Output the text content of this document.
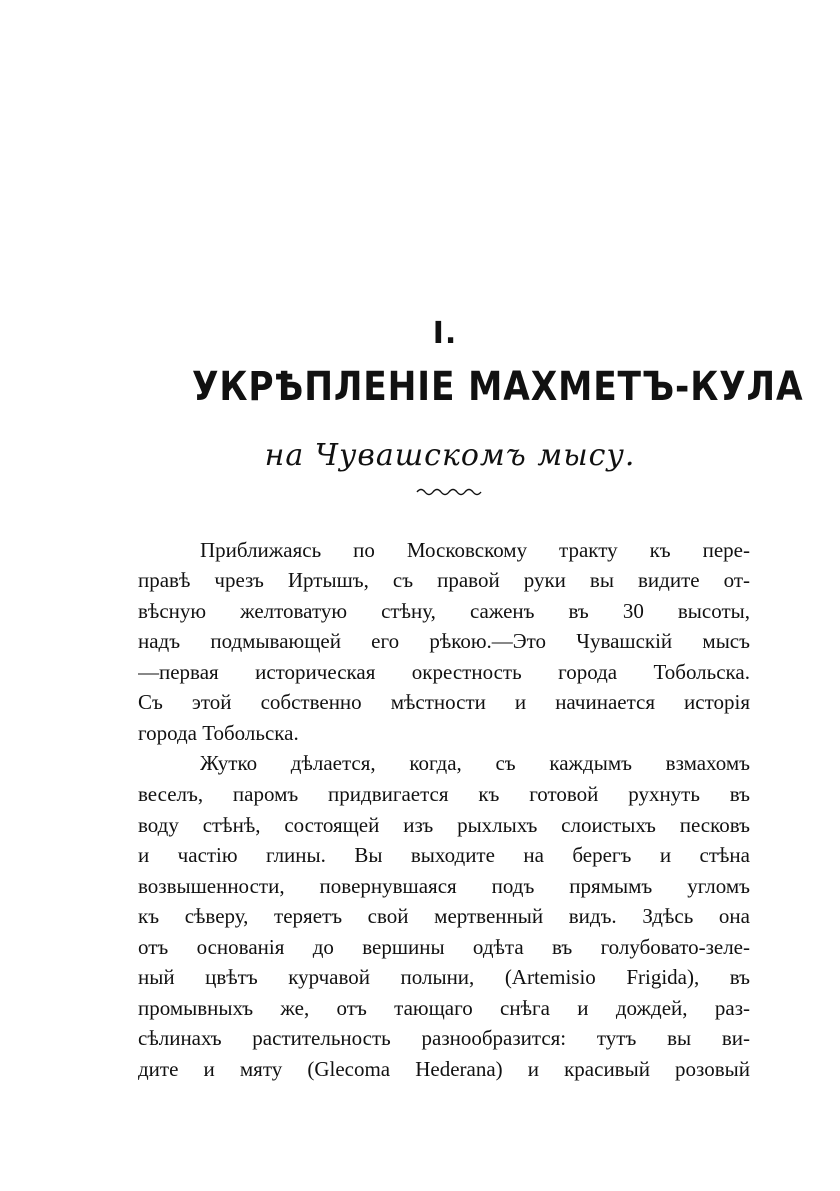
I.
УКРѢПЛЕНІЕ МАХМЕТЪ-КУЛА
на Чувашскомъ мысу.
Приближаясь по Московскому тракту къ пере-
правѣ чрезъ Иртышъ, съ правой руки вы видите от-
вѣсную желтоватую стѣну, саженъ въ 30 высоты,
надъ подмывающей его рѣкою.—Это Чувашскій мысъ
—первая историческая окрестность города Тобольска.
Съ этой собственно мѣстности и начинается исторія
города Тобольска.
Жутко дѣлается, когда, съ каждымъ взмахомъ
веселъ, паромъ придвигается къ готовой рухнуть въ
воду стѣнѣ, состоящей изъ рыхлыхъ слоистыхъ песковъ
и частію глины. Вы выходите на берегъ и стѣна
возвышенности, повернувшаяся подъ прямымъ угломъ
къ сѣверу, теряетъ свой мертвенный видъ. Здѣсь она
отъ основанія до вершины одѣта въ голубовато-зеле-
ный цвѣтъ курчавой полыни, (Artemisio Frigida), въ
промывныхъ же, отъ тающаго снѣга и дождей, раз-
сѣлинахъ растительность разнообразится: тутъ вы ви-
дите и мяту (Glecoma Hederana) и красивый розовый
